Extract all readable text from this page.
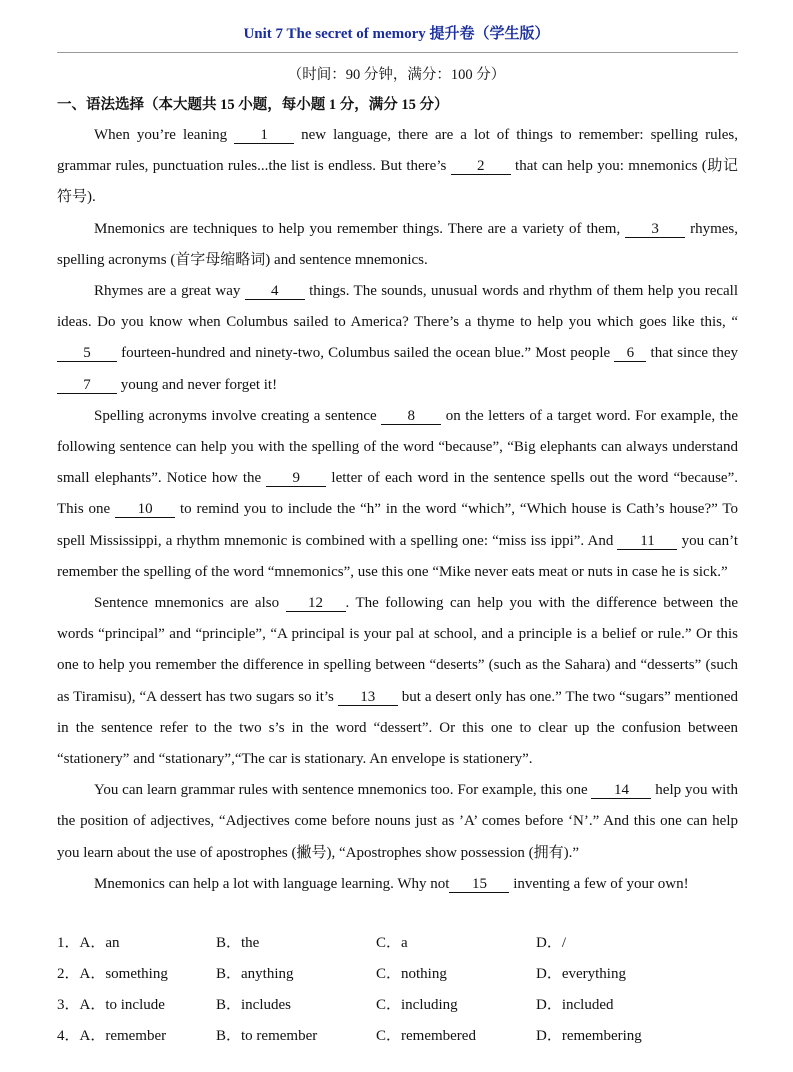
Unit 7 The secret of memory 提升卷（学生版）
（时间：90 分钟，满分：100 分）
一、语法选择（本大题共 15 小题，每小题 1 分，满分 15 分）

When you’re leaning 1 new language, there are a lot of things to remember: spelling rules, grammar rules, punctuation rules...the list is endless. But there’s 2 that can help you: mnemonics (助记符号).

Mnemonics are techniques to help you remember things. There are a variety of them, 3 rhymes, spelling acronyms (首字母缩略词) and sentence mnemonics.

Rhymes are a great way 4 things. The sounds, unusual words and rhythm of them help you recall ideas. Do you know when Columbus sailed to America? There’s a thyme to help you which goes like this, “5 fourteen-hundred and ninety-two, Columbus sailed the ocean blue.” Most people 6 that since they 7 young and never forget it!

Spelling acronyms involve creating a sentence 8 on the letters of a target word. For example, the following sentence can help you with the spelling of the word “because”, “Big elephants can always understand small elephants”. Notice how the 9 letter of each word in the sentence spells out the word “because”. This one 10 to remind you to include the “h” in the word “which”, “Which house is Cath’s house?” To spell Mississippi, a rhythm mnemonic is combined with a spelling one: “miss iss ippi”. And 11 you can’t remember the spelling of the word “mnemonics”, use this one “Mike never eats meat or nuts in case he is sick.”

Sentence mnemonics are also 12 . The following can help you with the difference between the words “principal” and “principle”, “A principal is your pal at school, and a principle is a belief or rule.” Or this one to help you remember the difference in spelling between “deserts” (such as the Sahara) and “desserts” (such as Tiramisu), “A dessert has two sugars so it’s 13 but a desert only has one.” The two “sugars” mentioned in the sentence refer to the two s’s in the word “dessert”. Or this one to clear up the confusion between “stationery” and “stationary”,“The car is stationary. An envelope is stationery”.

You can learn grammar rules with sentence mnemonics too. For example, this one 14 help you with the position of adjectives, “Adjectives come before nouns just as ’A’ comes before ‘N’.” And this one can help you learn about the use of apostrophes (撇号), “Apostrophes show possession (拥有).”

Mnemonics can help a lot with language learning. Why not 15 inventing a few of your own!

1．A．an	B．the	C．a	D．/
2．A．something	B．anything	C．nothing	D．everything
3．A．to include	B．includes	C．including	D．included
4．A．remember	B．to remember	C．remembered	D．remembering
